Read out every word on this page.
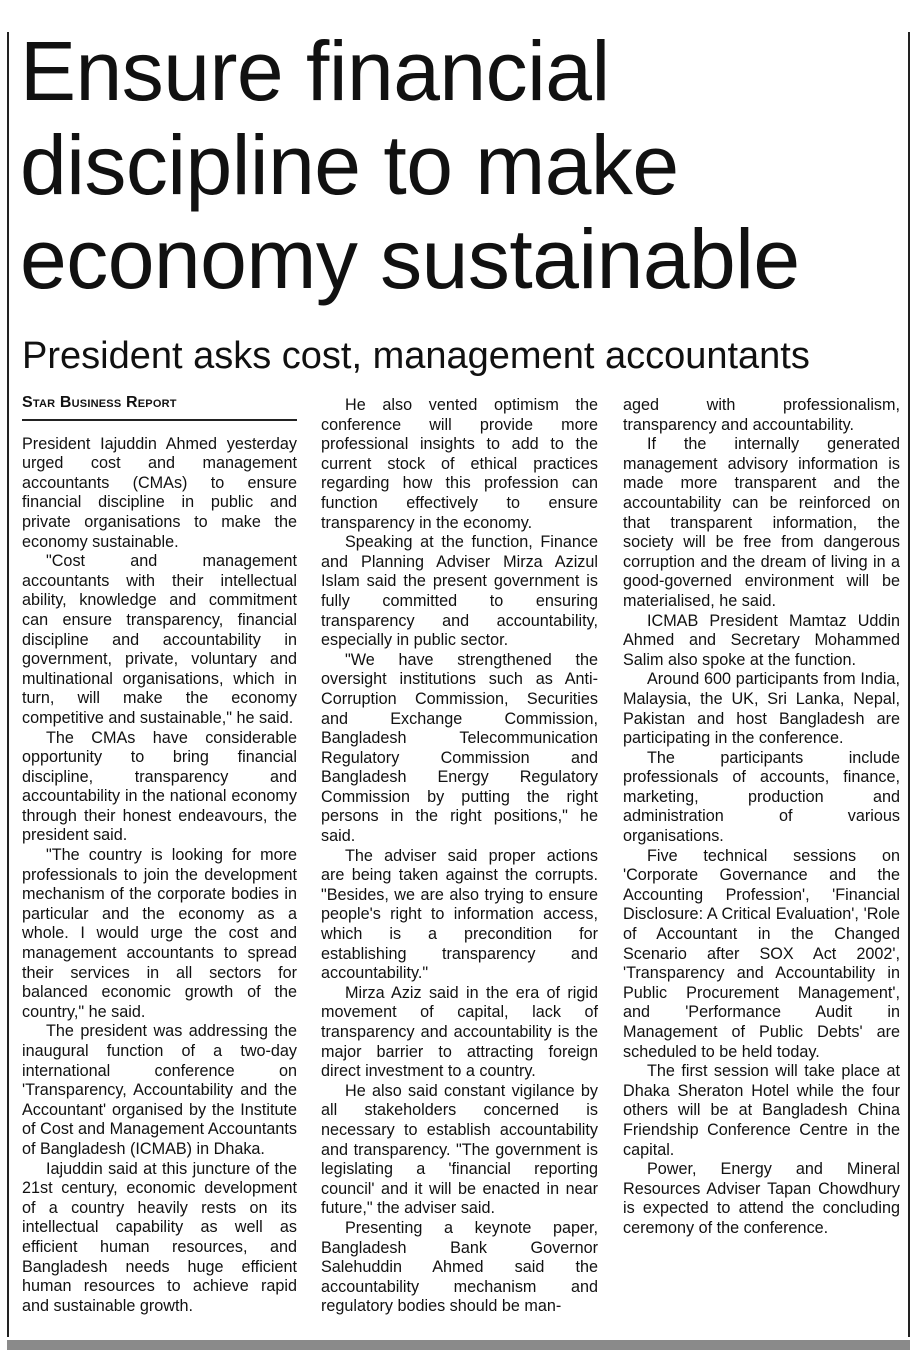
Ensure financial discipline to make economy sustainable
President asks cost, management accountants
Star Business Report

President Iajuddin Ahmed yesterday urged cost and management accountants (CMAs) to ensure financial discipline in public and private organisations to make the economy sustainable.

"Cost and management accountants with their intellectual ability, knowledge and commitment can ensure transparency, financial discipline and accountability in government, private, voluntary and multinational organisations, which in turn, will make the economy competitive and sustainable," he said.

The CMAs have considerable opportunity to bring financial discipline, transparency and accountability in the national economy through their honest endeavours, the president said.

"The country is looking for more professionals to join the development mechanism of the corporate bodies in particular and the economy as a whole. I would urge the cost and management accountants to spread their services in all sectors for balanced economic growth of the country," he said.

The president was addressing the inaugural function of a two-day international conference on 'Transparency, Accountability and the Accountant' organised by the Institute of Cost and Management Accountants of Bangladesh (ICMAB) in Dhaka.

Iajuddin said at this juncture of the 21st century, economic development of a country heavily rests on its intellectual capability as well as efficient human resources, and Bangladesh needs huge efficient human resources to achieve rapid and sustainable growth.

He also vented optimism the conference will provide more professional insights to add to the current stock of ethical practices regarding how this profession can function effectively to ensure transparency in the economy.

Speaking at the function, Finance and Planning Adviser Mirza Azizul Islam said the present government is fully committed to ensuring transparency and accountability, especially in public sector.

"We have strengthened the oversight institutions such as Anti-Corruption Commission, Securities and Exchange Commission, Bangladesh Telecommunication Regulatory Commission and Bangladesh Energy Regulatory Commission by putting the right persons in the right positions," he said.

The adviser said proper actions are being taken against the corrupts. "Besides, we are also trying to ensure people's right to information access, which is a precondition for establishing transparency and accountability."

Mirza Aziz said in the era of rigid movement of capital, lack of transparency and accountability is the major barrier to attracting foreign direct investment to a country.

He also said constant vigilance by all stakeholders concerned is necessary to establish accountability and transparency. "The government is legislating a 'financial reporting council' and it will be enacted in near future," the adviser said.

Presenting a keynote paper, Bangladesh Bank Governor Salehuddin Ahmed said the accountability mechanism and regulatory bodies should be man-

aged with professionalism, transparency and accountability.

If the internally generated management advisory information is made more transparent and the accountability can be reinforced on that transparent information, the society will be free from dangerous corruption and the dream of living in a good-governed environment will be materialised, he said.

ICMAB President Mamtaz Uddin Ahmed and Secretary Mohammed Salim also spoke at the function.

Around 600 participants from India, Malaysia, the UK, Sri Lanka, Nepal, Pakistan and host Bangladesh are participating in the conference.

The participants include professionals of accounts, finance, marketing, production and administration of various organisations.

Five technical sessions on 'Corporate Governance and the Accounting Profession', 'Financial Disclosure: A Critical Evaluation', 'Role of Accountant in the Changed Scenario after SOX Act 2002', 'Transparency and Accountability in Public Procurement Management', and 'Performance Audit in Management of Public Debts' are scheduled to be held today.

The first session will take place at Dhaka Sheraton Hotel while the four others will be at Bangladesh China Friendship Conference Centre in the capital.

Power, Energy and Mineral Resources Adviser Tapan Chowdhury is expected to attend the concluding ceremony of the conference.
